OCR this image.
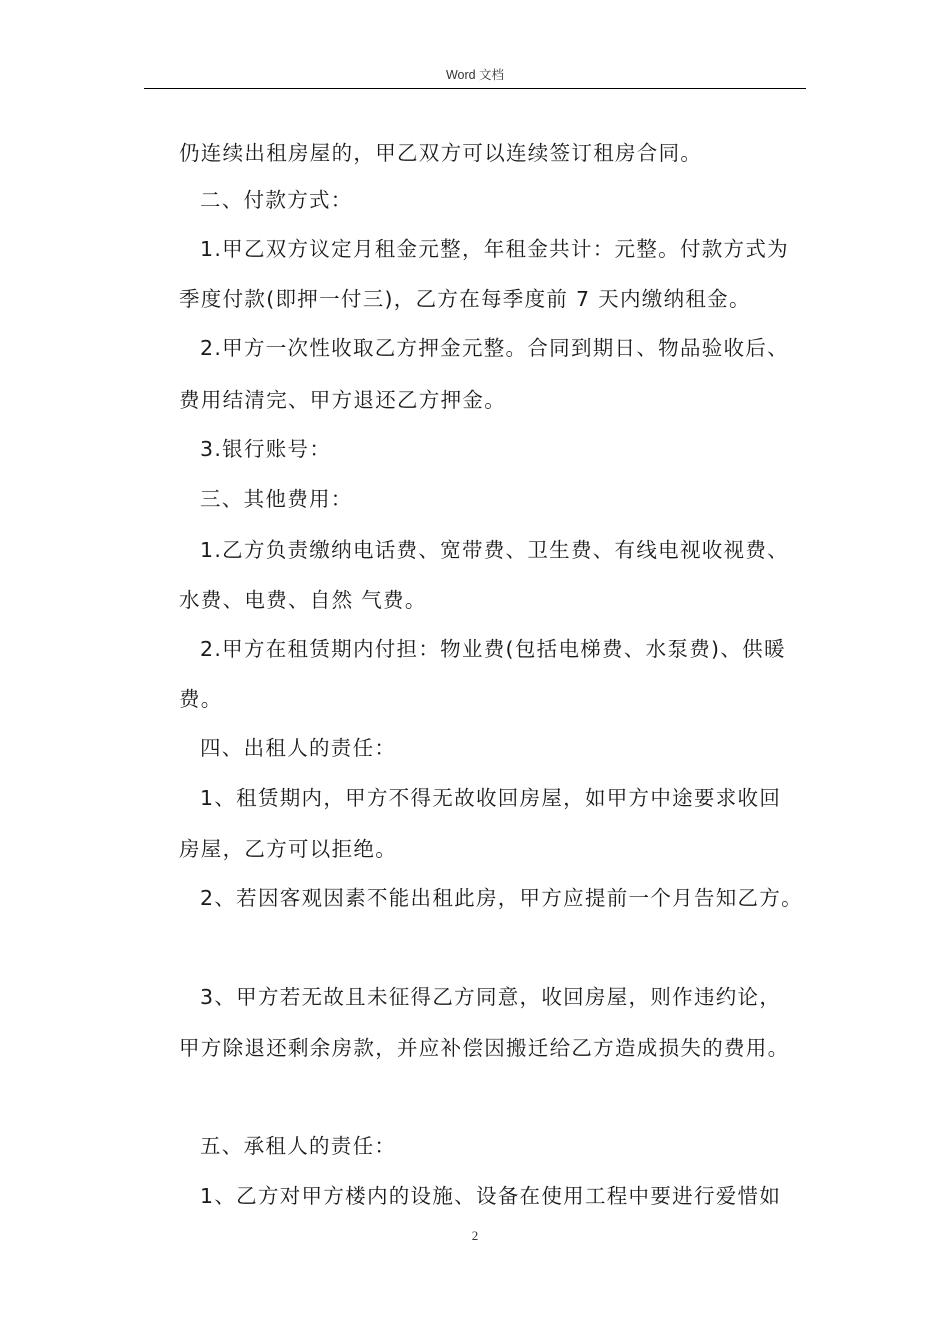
Word 文档
仍连续出租房屋的，甲乙双方可以连续签订租房合同。
二、付款方式：
1.甲乙双方议定月租金元整，年租金共计：元整。付款方式为
季度付款(即押一付三)，乙方在每季度前 7 天内缴纳租金。
2.甲方一次性收取乙方押金元整。合同到期日、物品验收后、
费用结清完、甲方退还乙方押金。
3.银行账号：
三、其他费用：
1.乙方负责缴纳电话费、宽带费、卫生费、有线电视收视费、
水费、电费、自然 气费。
2.甲方在租赁期内付担：物业费(包括电梯费、水泵费)、供暖
费。
四、出租人的责任：
1、租赁期内，甲方不得无故收回房屋，如甲方中途要求收回
房屋，乙方可以拒绝。
2、若因客观因素不能出租此房，甲方应提前一个月告知乙方。
3、甲方若无故且未征得乙方同意，收回房屋，则作违约论，
甲方除退还剩余房款，并应补偿因搬迁给乙方造成损失的费用。
五、承租人的责任：
1、乙方对甲方楼内的设施、设备在使用工程中要进行爱惜如
2
